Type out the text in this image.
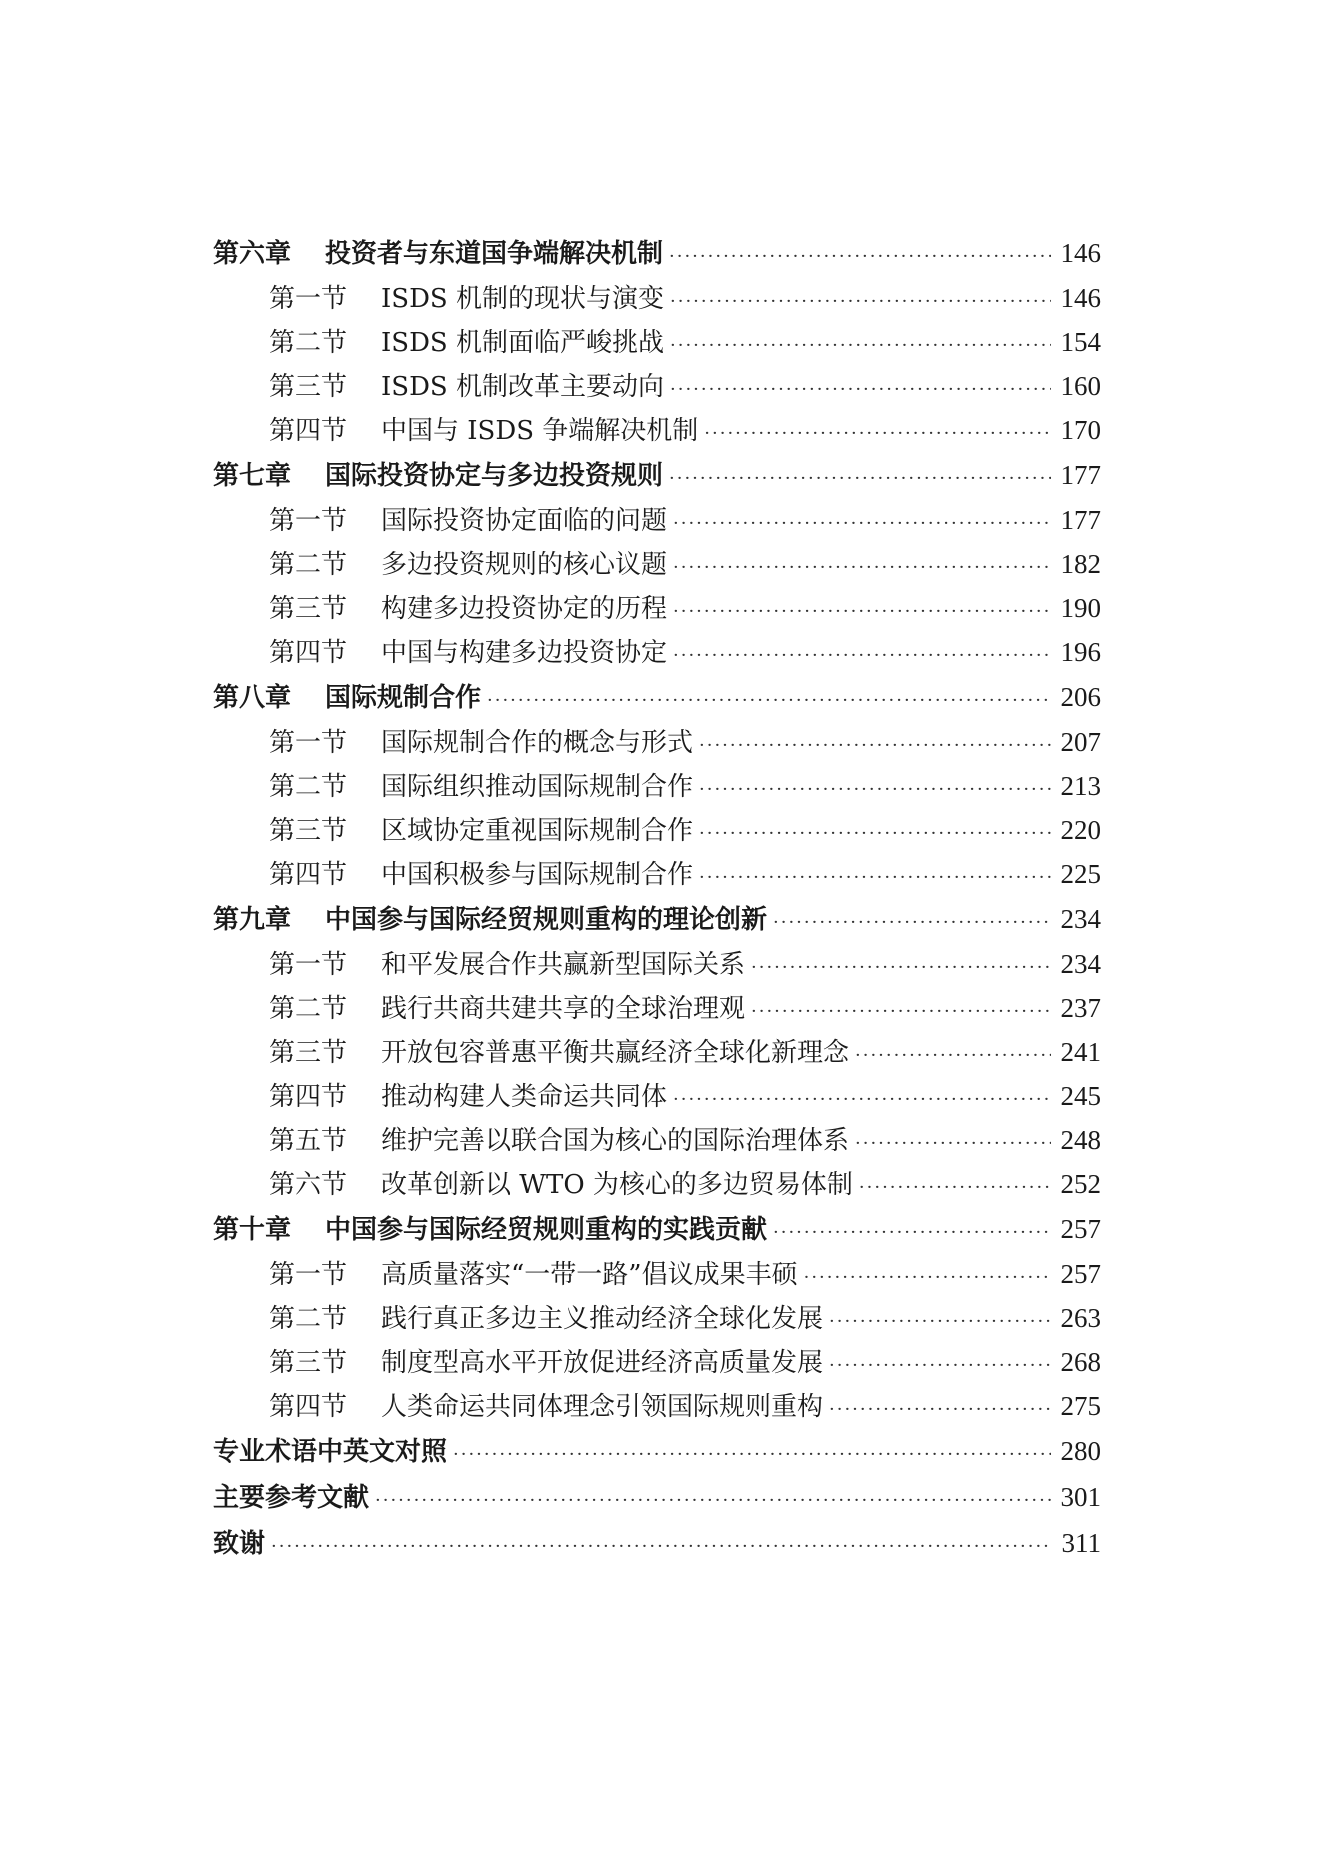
第六章	投资者与东道国争端解决机制 ·····	146
第一节	ISDS 机制的现状与演变 ·····	146
第二节	ISDS 机制面临严峻挑战 ·····	154
第三节	ISDS 机制改革主要动向 ·····	160
第四节	中国与 ISDS 争端解决机制 ·····	170
第七章	国际投资协定与多边投资规则 ·····	177
第一节	国际投资协定面临的问题 ·····	177
第二节	多边投资规则的核心议题 ·····	182
第三节	构建多边投资协定的历程 ·····	190
第四节	中国与构建多边投资协定 ·····	196
第八章	国际规制合作 ·····	206
第一节	国际规制合作的概念与形式 ·····	207
第二节	国际组织推动国际规制合作 ·····	213
第三节	区域协定重视国际规制合作 ·····	220
第四节	中国积极参与国际规制合作 ·····	225
第九章	中国参与国际经贸规则重构的理论创新 ·····	234
第一节	和平发展合作共赢新型国际关系 ·····	234
第二节	践行共商共建共享的全球治理观 ·····	237
第三节	开放包容普惠平衡共赢经济全球化新理念 ·····	241
第四节	推动构建人类命运共同体 ·····	245
第五节	维护完善以联合国为核心的国际治理体系 ·····	248
第六节	改革创新以 WTO 为核心的多边贸易体制 ·····	252
第十章	中国参与国际经贸规则重构的实践贡献 ·····	257
第一节	高质量落实“一带一路”倡议成果丰硕 ·····	257
第二节	践行真正多边主义推动经济全球化发展 ·····	263
第三节	制度型高水平开放促进经济高质量发展 ·····	268
第四节	人类命运共同体理念引领国际规则重构 ·····	275
专业术语中英文对照 ·····	280
主要参考文献 ·····	301
致谢 ·····	311
